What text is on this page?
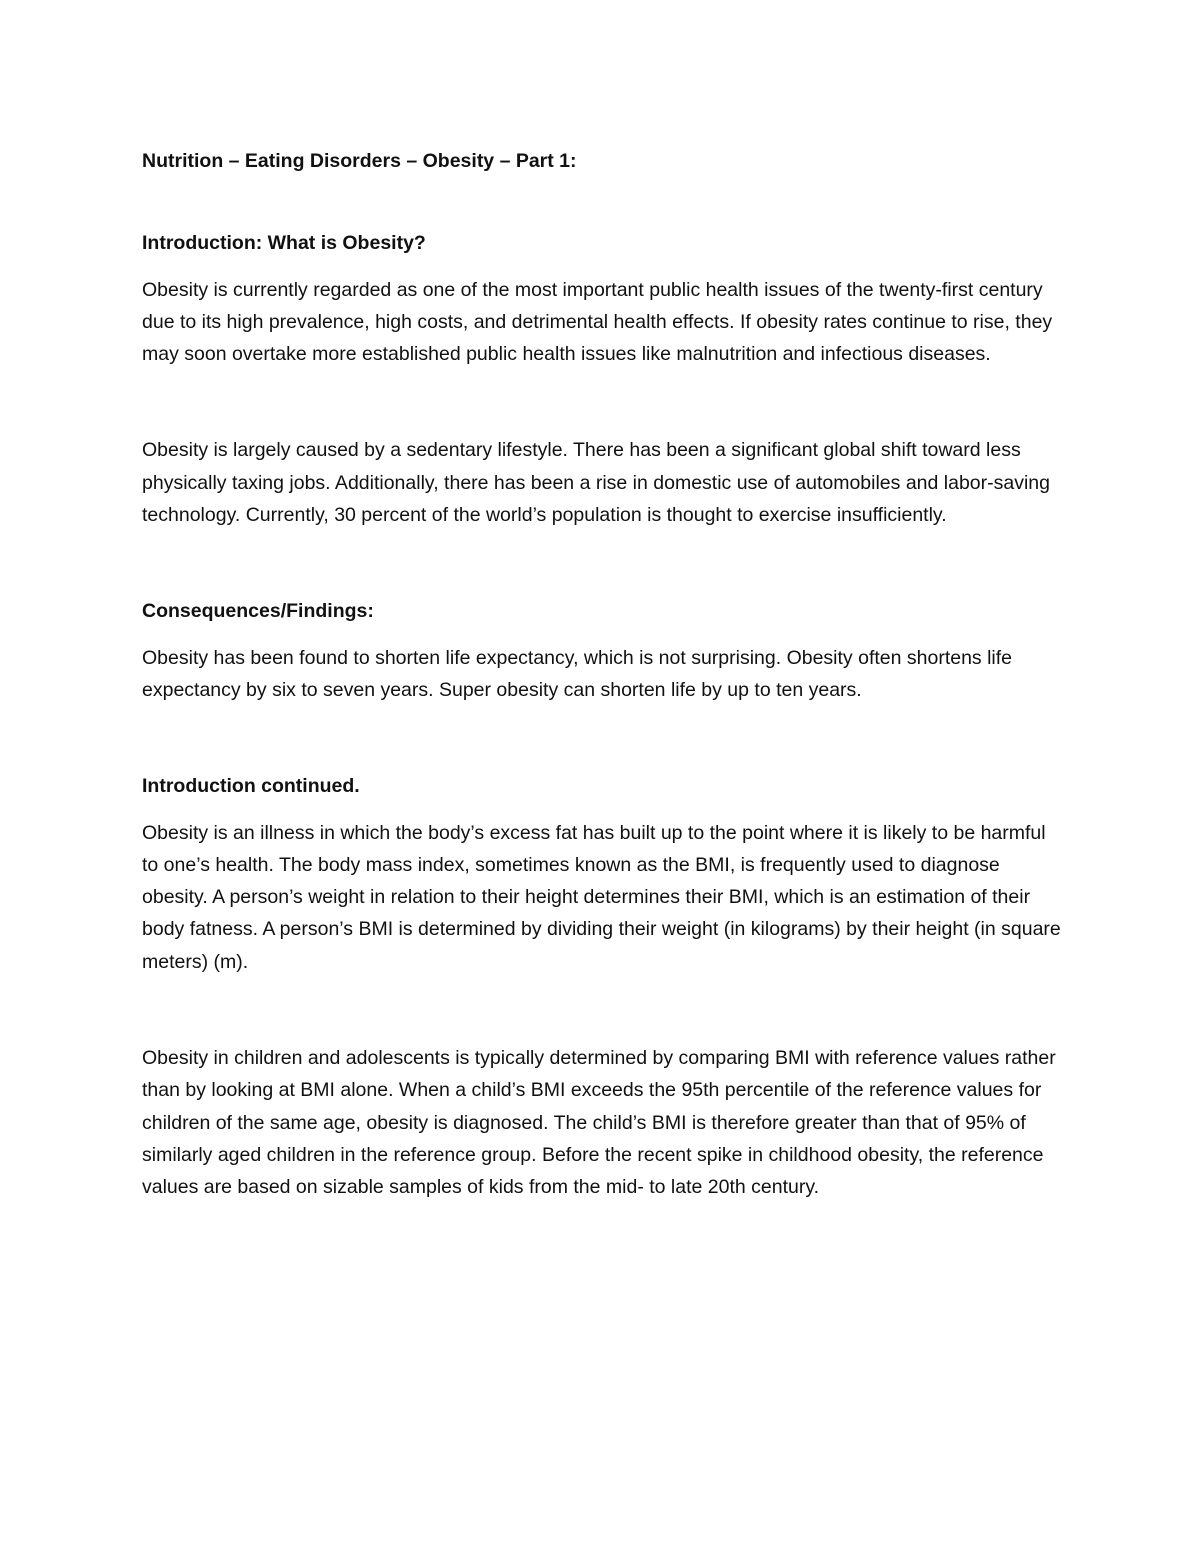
Nutrition – Eating Disorders – Obesity – Part 1:

Introduction: What is Obesity?

Obesity is currently regarded as one of the most important public health issues of the twenty-first century due to its high prevalence, high costs, and detrimental health effects. If obesity rates continue to rise, they may soon overtake more established public health issues like malnutrition and infectious diseases.

Obesity is largely caused by a sedentary lifestyle. There has been a significant global shift toward less physically taxing jobs. Additionally, there has been a rise in domestic use of automobiles and labor-saving technology. Currently, 30 percent of the world’s population is thought to exercise insufficiently.

Consequences/Findings:

Obesity has been found to shorten life expectancy, which is not surprising. Obesity often shortens life expectancy by six to seven years. Super obesity can shorten life by up to ten years.

Introduction continued.

Obesity is an illness in which the body’s excess fat has built up to the point where it is likely to be harmful to one’s health. The body mass index, sometimes known as the BMI, is frequently used to diagnose obesity. A person’s weight in relation to their height determines their BMI, which is an estimation of their body fatness. A person’s BMI is determined by dividing their weight (in kilograms) by their height (in square meters) (m).

Obesity in children and adolescents is typically determined by comparing BMI with reference values rather than by looking at BMI alone. When a child’s BMI exceeds the 95th percentile of the reference values for children of the same age, obesity is diagnosed. The child’s BMI is therefore greater than that of 95% of similarly aged children in the reference group. Before the recent spike in childhood obesity, the reference values are based on sizable samples of kids from the mid- to late 20th century.
